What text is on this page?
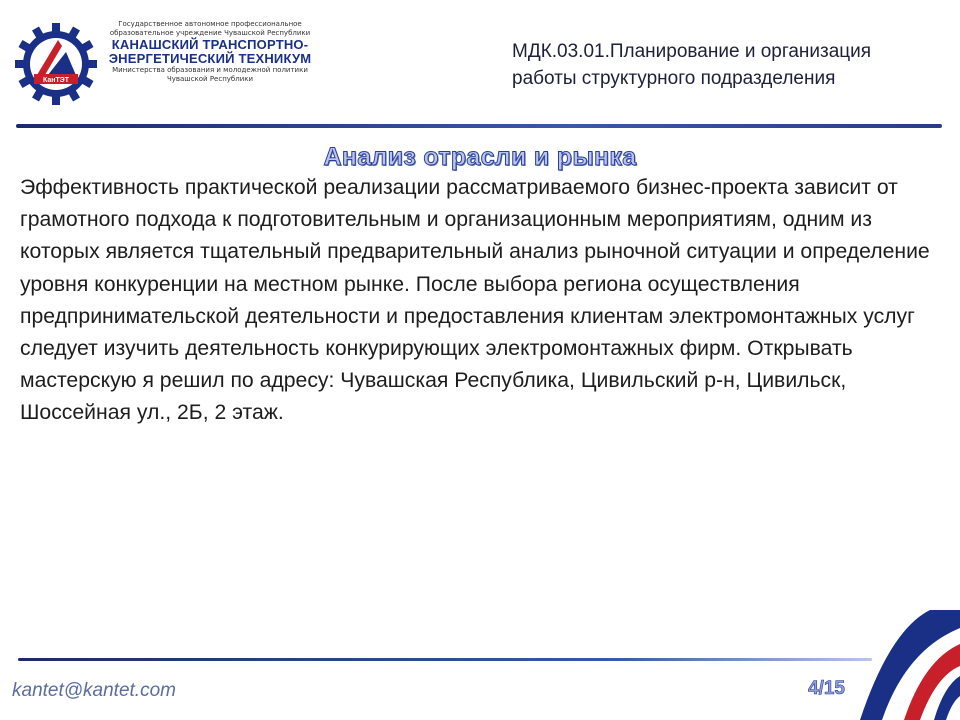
КанТЭТ
Государственное автономное профессиональное
образовательное учреждение Чувашской Республики
КАНАШСКИЙ ТРАНСПОРТНО-
ЭНЕРГЕТИЧЕСКИЙ ТЕХНИКУМ
Министерства образования и молодежной политики
Чувашской Республики
МДК.03.01.Планирование и организация
работы структурного подразделения
Анализ отрасли и рынка

Эффективность практической реализации рассматриваемого бизнес-проекта зависит от грамотного подхода к подготовительным и организационным мероприятиям, одним из которых является тщательный предварительный анализ рыночной ситуации и определение уровня конкуренции на местном рынке. После выбора региона осуществления предпринимательской деятельности и предоставления клиентам электромонтажных услуг следует изучить деятельность конкурирующих электромонтажных фирм. Открывать мастерскую я решил по адресу: Чувашская Республика, Цивильский р-н, Цивильск, Шоссейная ул., 2Б, 2 этаж.

kantet@kantet.com	4/15
